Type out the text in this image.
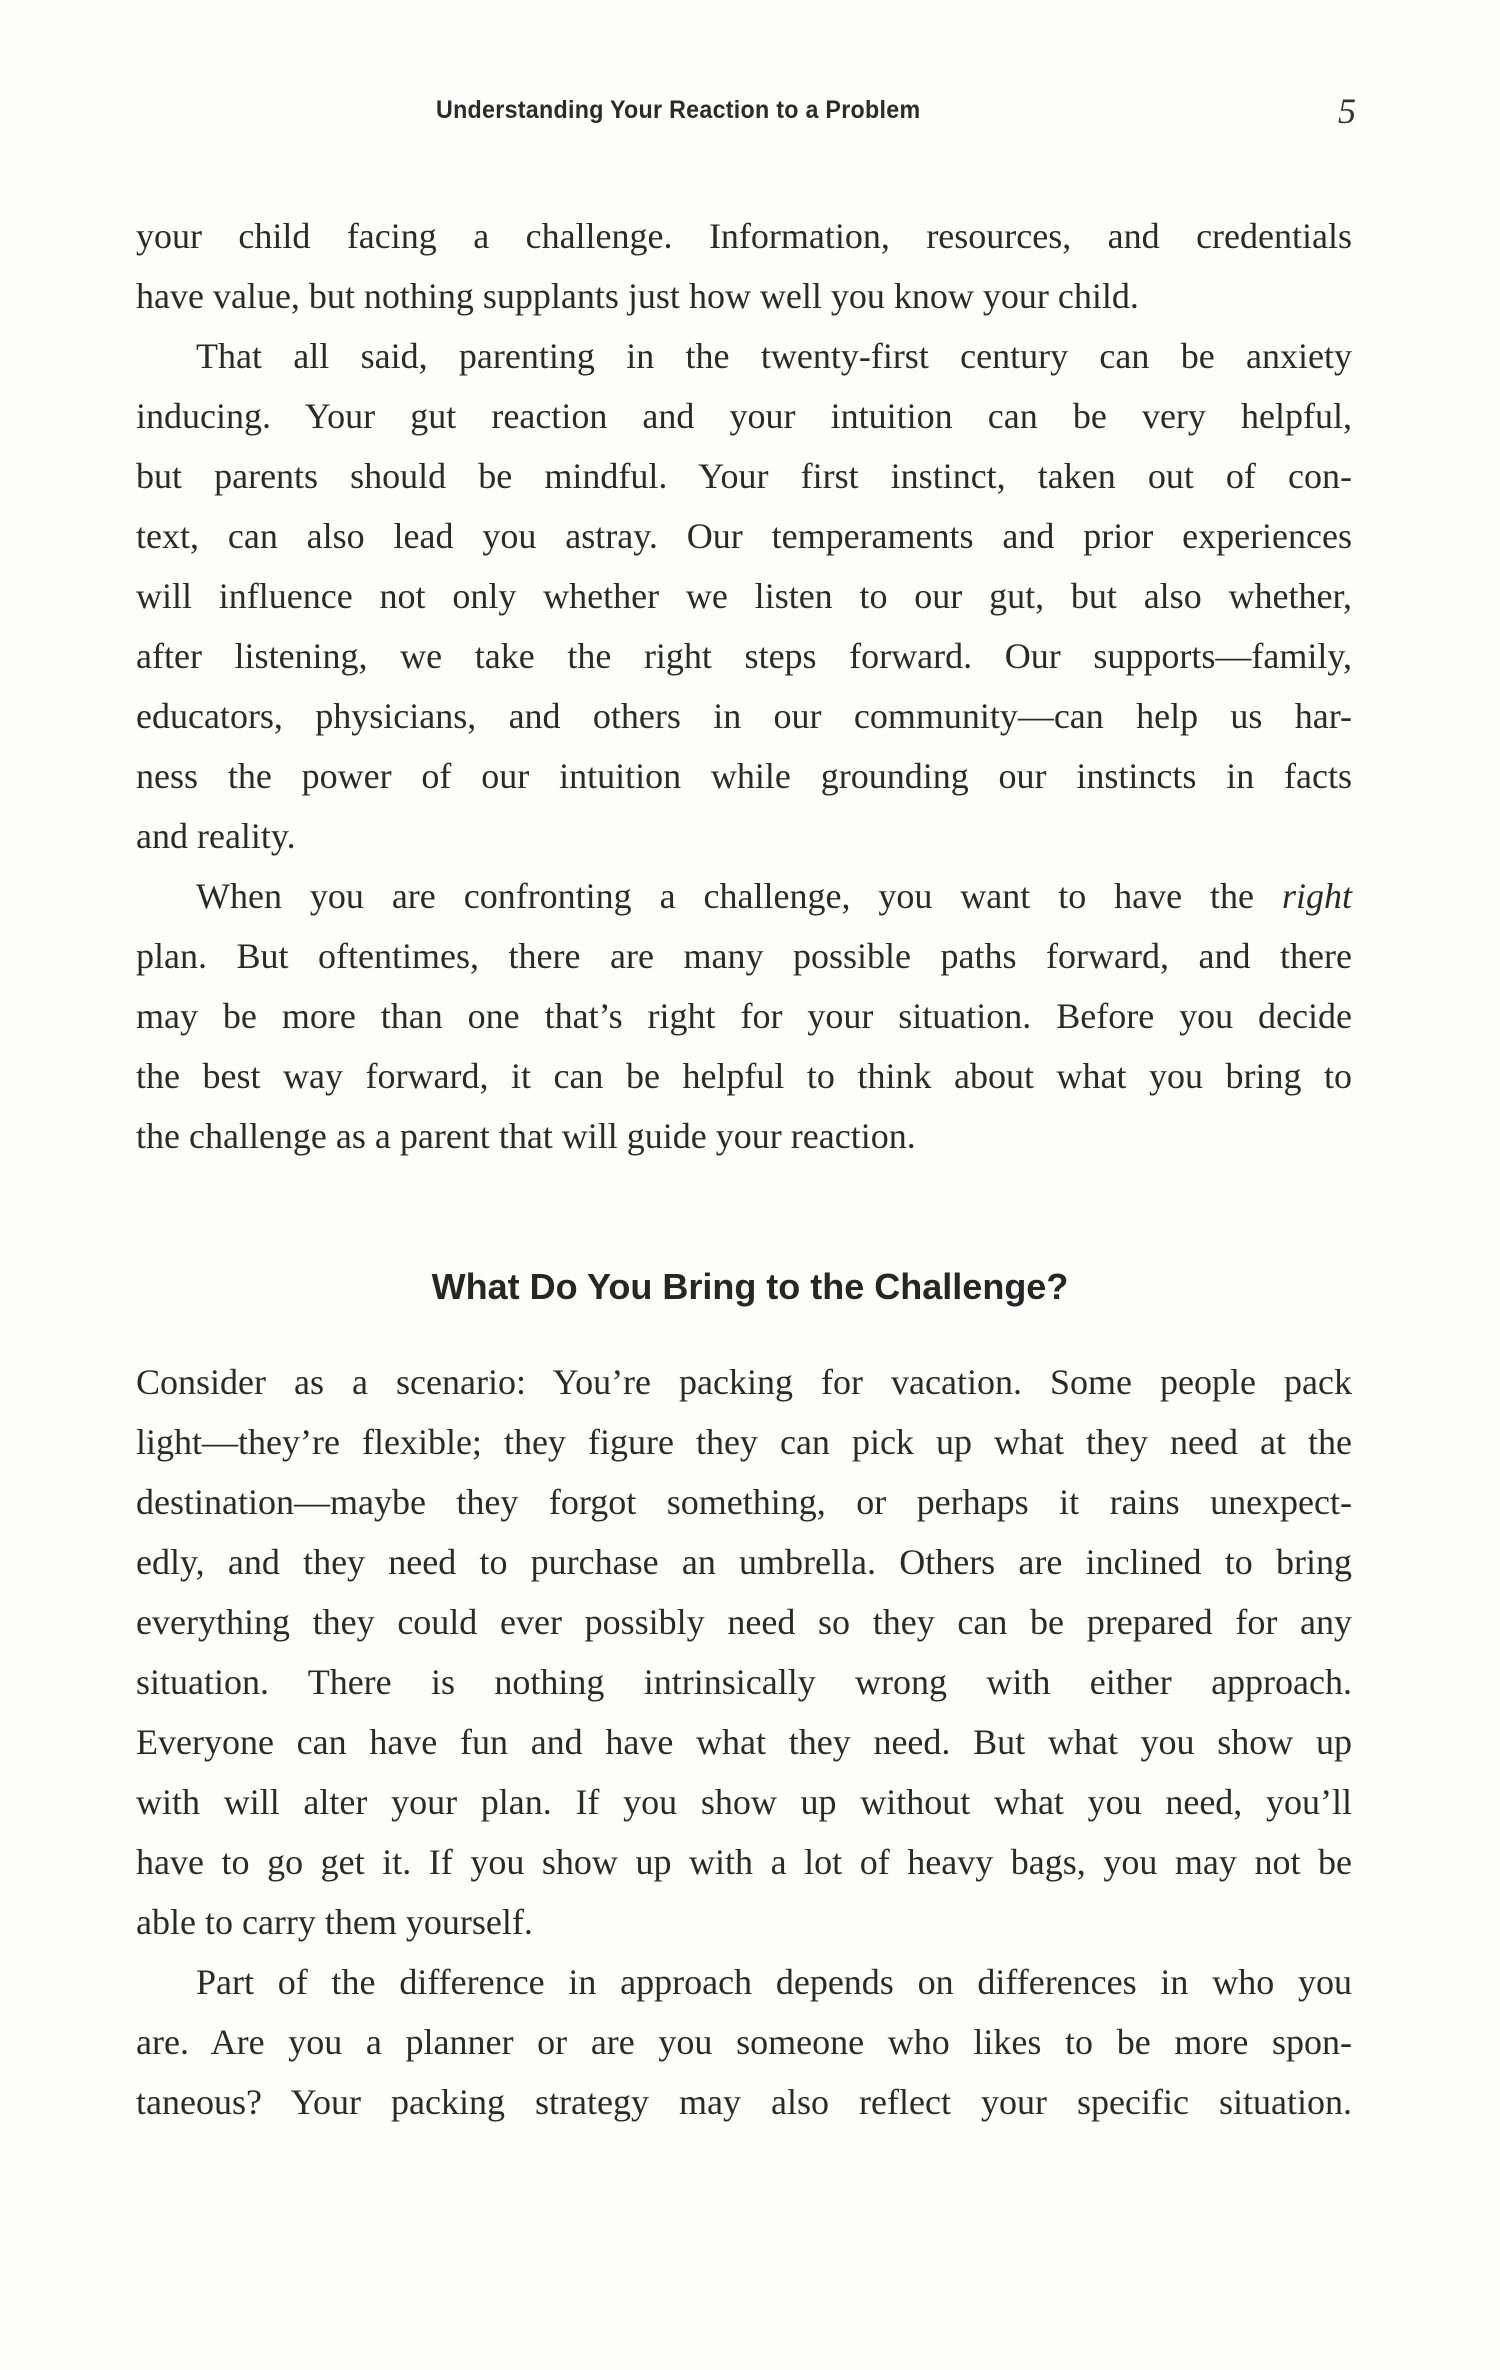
Understanding Your Reaction to a Problem	5
your child facing a challenge. Information, resources, and credentials
have value, but nothing supplants just how well you know your child.
That all said, parenting in the twenty-first century can be anxiety
inducing. Your gut reaction and your intuition can be very helpful,
but parents should be mindful. Your first instinct, taken out of con-
text, can also lead you astray. Our temperaments and prior experiences
will influence not only whether we listen to our gut, but also whether,
after listening, we take the right steps forward. Our supports—family,
educators, physicians, and others in our community—can help us har-
ness the power of our intuition while grounding our instincts in facts
and reality.
When you are confronting a challenge, you want to have the right
plan. But oftentimes, there are many possible paths forward, and there
may be more than one that’s right for your situation. Before you decide
the best way forward, it can be helpful to think about what you bring to
the challenge as a parent that will guide your reaction.
What Do You Bring to the Challenge?
Consider as a scenario: You’re packing for vacation. Some people pack
light—they’re flexible; they figure they can pick up what they need at the
destination—maybe they forgot something, or perhaps it rains unexpect-
edly, and they need to purchase an umbrella. Others are inclined to bring
everything they could ever possibly need so they can be prepared for any
situation. There is nothing intrinsically wrong with either approach.
Everyone can have fun and have what they need. But what you show up
with will alter your plan. If you show up without what you need, you’ll
have to go get it. If you show up with a lot of heavy bags, you may not be
able to carry them yourself.
Part of the difference in approach depends on differences in who you
are. Are you a planner or are you someone who likes to be more spon-
taneous? Your packing strategy may also reflect your specific situation.
